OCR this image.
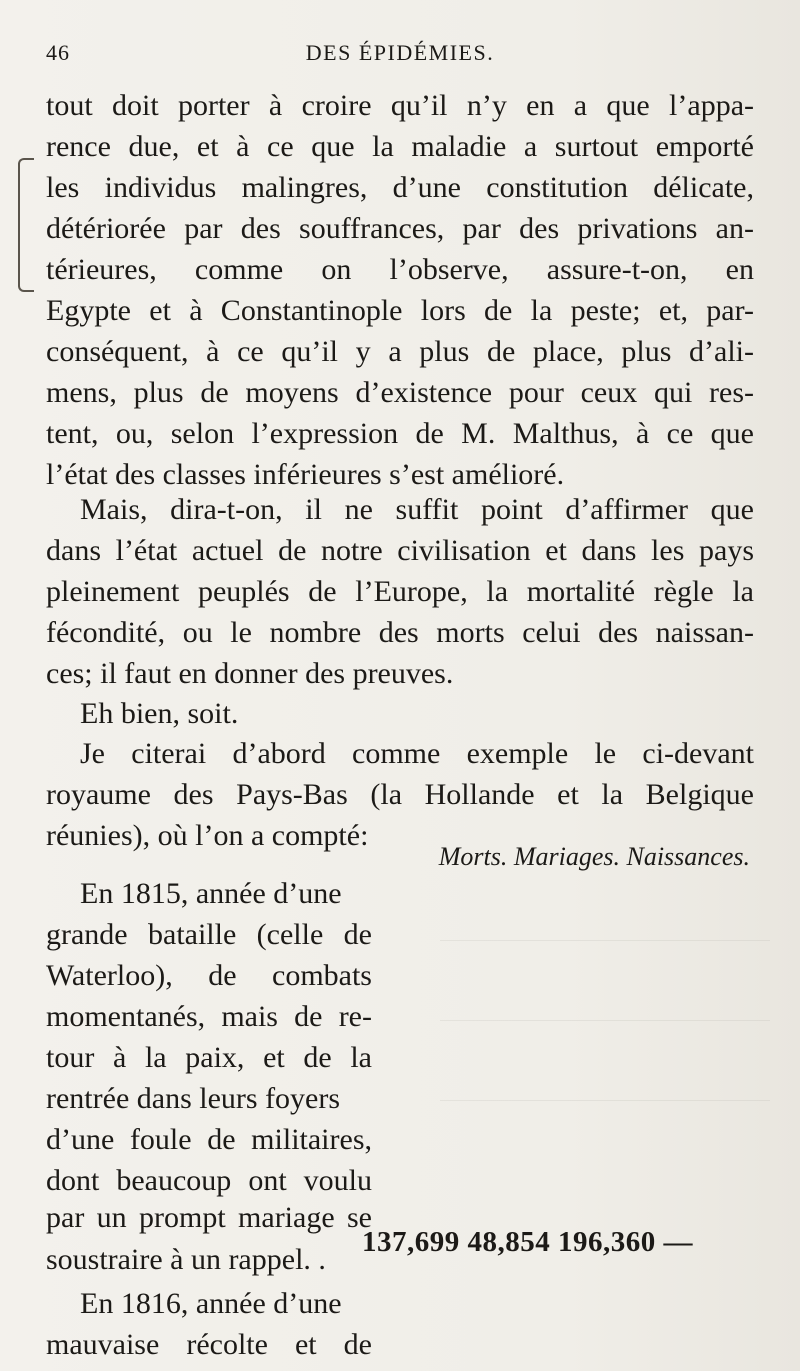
46	DES ÉPIDÉMIES.
tout doit porter à croire qu’il n’y en a que l’appa-
rence due, et à ce que la maladie a surtout emporté
les individus malingres, d’une constitution délicate,
détériorée par des souffrances, par des privations an-
térieures, comme on l’observe, assure-t-on, en
Egypte et à Constantinople lors de la peste; et, par-
conséquent, à ce qu’il y a plus de place, plus d’ali-
mens, plus de moyens d’existence pour ceux qui res-
tent, ou, selon l’expression de M. Malthus, à ce que
l’état des classes inférieures s’est amélioré.
Mais, dira-t-on, il ne suffit point d’affirmer que
dans l’état actuel de notre civilisation et dans les pays
pleinement peuplés de l’Europe, la mortalité règle la
fécondité, ou le nombre des morts celui des naissan-
ces; il faut en donner des preuves.
Eh bien, soit.
Je citerai d’abord comme exemple le ci-devant
royaume des Pays-Bas (la Hollande et la Belgique
réunies), où l’on a compté:
Morts. Mariages. Naissances.
En 1815, année d’une
grande bataille (celle de
Waterloo), de combats
momentanés, mais de re-
tour à la paix, et de la
rentrée dans leurs foyers
d’une foule de militaires,
dont beaucoup ont voulu
par un prompt mariage se
soustraire à un rappel. .
137,699 48,854 196,360 —
En 1816, année d’une
mauvaise récolte et de
